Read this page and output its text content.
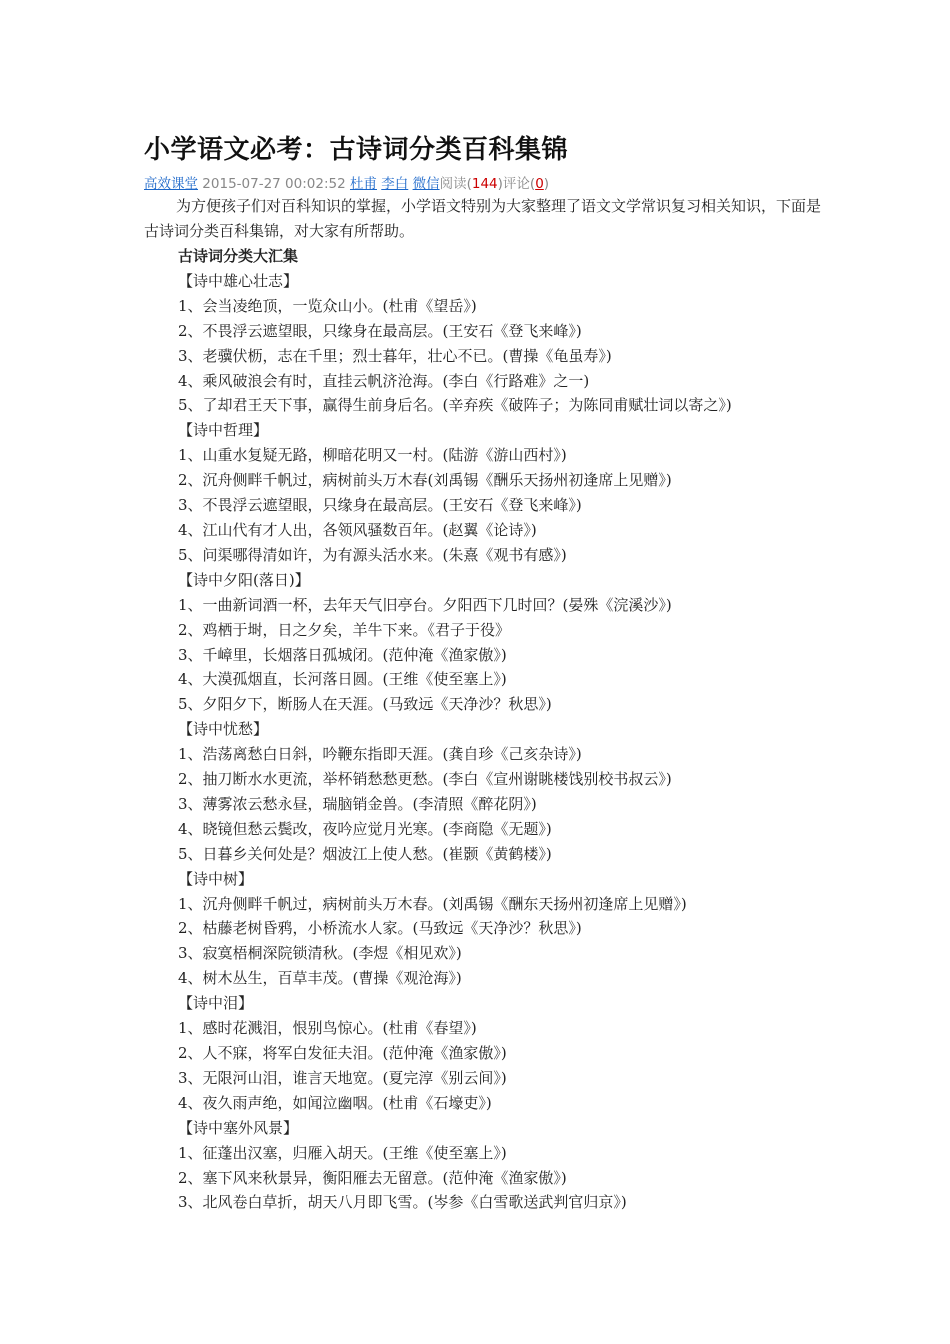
小学语文必考：古诗词分类百科集锦
高效课堂 2015-07-27 00:02:52 杜甫 李白 微信阅读(144)评论(0)

为方便孩子们对百科知识的掌握，小学语文特别为大家整理了语文文学常识复习相关知识，下面是古诗词分类百科集锦，对大家有所帮助。

古诗词分类大汇集
【诗中雄心壮志】
1、会当凌绝顶，一览众山小。(杜甫《望岳》)
2、不畏浮云遮望眼，只缘身在最高层。(王安石《登飞来峰》)
3、老骥伏枥，志在千里；烈士暮年，壮心不已。(曹操《龟虽寿》)
4、乘风破浪会有时，直挂云帆济沧海。(李白《行路难》之一)
5、了却君王天下事，赢得生前身后名。(辛弃疾《破阵子；为陈同甫赋壮词以寄之》)
【诗中哲理】
1、山重水复疑无路，柳暗花明又一村。(陆游《游山西村》)
2、沉舟侧畔千帆过，病树前头万木春(刘禹锡《酬乐天扬州初逢席上见赠》)
3、不畏浮云遮望眼，只缘身在最高层。(王安石《登飞来峰》)
4、江山代有才人出，各领风骚数百年。(赵翼《论诗》)
5、问渠哪得清如许，为有源头活水来。(朱熹《观书有感》)
【诗中夕阳(落日)】
1、一曲新词酒一杯，去年天气旧亭台。夕阳西下几时回？(晏殊《浣溪沙》)
2、鸡栖于埘，日之夕矣，羊牛下来。《君子于役》
3、千嶂里，长烟落日孤城闭。(范仲淹《渔家傲》)
4、大漠孤烟直，长河落日圆。(王维《使至塞上》)
5、夕阳夕下，断肠人在天涯。(马致远《天净沙？秋思》)
【诗中忧愁】
1、浩荡离愁白日斜，吟鞭东指即天涯。(龚自珍《己亥杂诗》)
2、抽刀断水水更流，举杯销愁愁更愁。(李白《宣州谢眺楼饯别校书叔云》)
3、薄雾浓云愁永昼，瑞脑销金兽。(李清照《醉花阴》)
4、晓镜但愁云鬓改，夜吟应觉月光寒。(李商隐《无题》)
5、日暮乡关何处是？烟波江上使人愁。(崔颢《黄鹤楼》)
【诗中树】
1、沉舟侧畔千帆过，病树前头万木春。(刘禹锡《酬东天扬州初逢席上见赠》)
2、枯藤老树昏鸦，小桥流水人家。(马致远《天净沙？秋思》)
3、寂寞梧桐深院锁清秋。(李煜《相见欢》)
4、树木丛生，百草丰茂。(曹操《观沧海》)
【诗中泪】
1、感时花溅泪，恨别鸟惊心。(杜甫《春望》)
2、人不寐，将军白发征夫泪。(范仲淹《渔家傲》)
3、无限河山泪，谁言天地宽。(夏完淳《别云间》)
4、夜久雨声绝，如闻泣幽咽。(杜甫《石壕吏》)
【诗中塞外风景】
1、征蓬出汉塞，归雁入胡天。(王维《使至塞上》)
2、塞下风来秋景异，衡阳雁去无留意。(范仲淹《渔家傲》)
3、北风卷白草折，胡天八月即飞雪。(岑参《白雪歌送武判官归京》)
